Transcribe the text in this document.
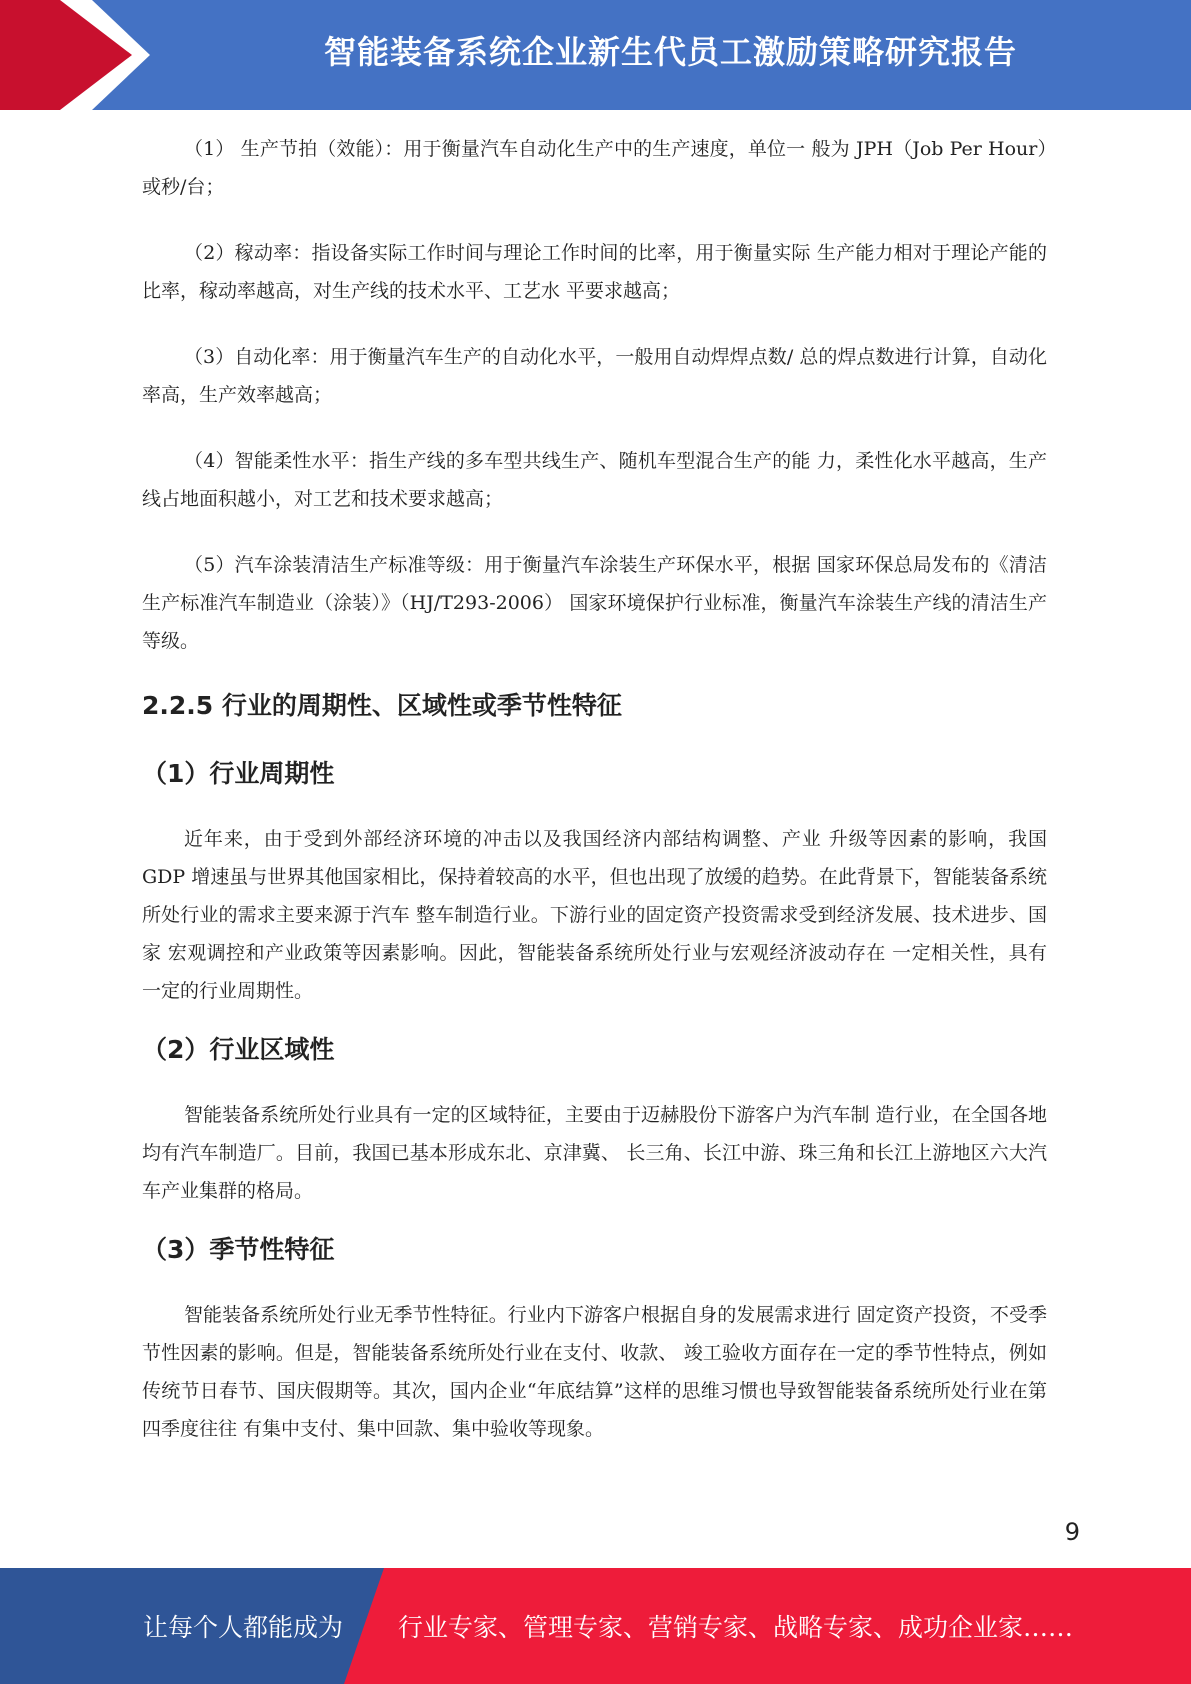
智能装备系统企业新生代员工激励策略研究报告

（1） 生产节拍（效能）：用于衡量汽车自动化生产中的生产速度，单位一 般为 JPH（Job Per Hour）或秒/台；

（2）稼动率：指设备实际工作时间与理论工作时间的比率，用于衡量实际 生产能力相对于理论产能的比率，稼动率越高，对生产线的技术水平、工艺水 平要求越高；

（3）自动化率：用于衡量汽车生产的自动化水平，一般用自动焊焊点数/ 总的焊点数进行计算，自动化率高，生产效率越高；

（4）智能柔性水平：指生产线的多车型共线生产、随机车型混合生产的能 力，柔性化水平越高，生产线占地面积越小，对工艺和技术要求越高；

（5）汽车涂装清洁生产标准等级：用于衡量汽车涂装生产环保水平，根据 国家环保总局发布的《清洁生产标准汽车制造业（涂装）》（HJ/T293-2006） 国家环境保护行业标准，衡量汽车涂装生产线的清洁生产等级。

2.2.5 行业的周期性、区域性或季节性特征
（1）行业周期性

近年来，由于受到外部经济环境的冲击以及我国经济内部结构调整、产业 升级等因素的影响，我国 GDP 增速虽与世界其他国家相比，保持着较高的水平，但也出现了放缓的趋势。在此背景下，智能装备系统所处行业的需求主要来源于汽车 整车制造行业。下游行业的固定资产投资需求受到经济发展、技术进步、国家 宏观调控和产业政策等因素影响。因此，智能装备系统所处行业与宏观经济波动存在 一定相关性，具有一定的行业周期性。

（2）行业区域性

智能装备系统所处行业具有一定的区域特征，主要由于迈赫股份下游客户为汽车制 造行业，在全国各地均有汽车制造厂。目前，我国已基本形成东北、京津冀、 长三角、长江中游、珠三角和长江上游地区六大汽车产业集群的格局。

（3）季节性特征

智能装备系统所处行业无季节性特征。行业内下游客户根据自身的发展需求进行 固定资产投资，不受季节性因素的影响。但是，智能装备系统所处行业在支付、收款、 竣工验收方面存在一定的季节性特点，例如传统节日春节、国庆假期等。其次，国内企业“年底结算”这样的思维习惯也导致智能装备系统所处行业在第四季度往往 有集中支付、集中回款、集中验收等现象。

9
让每个人都能成为 行业专家、管理专家、营销专家、战略专家、成功企业家……
